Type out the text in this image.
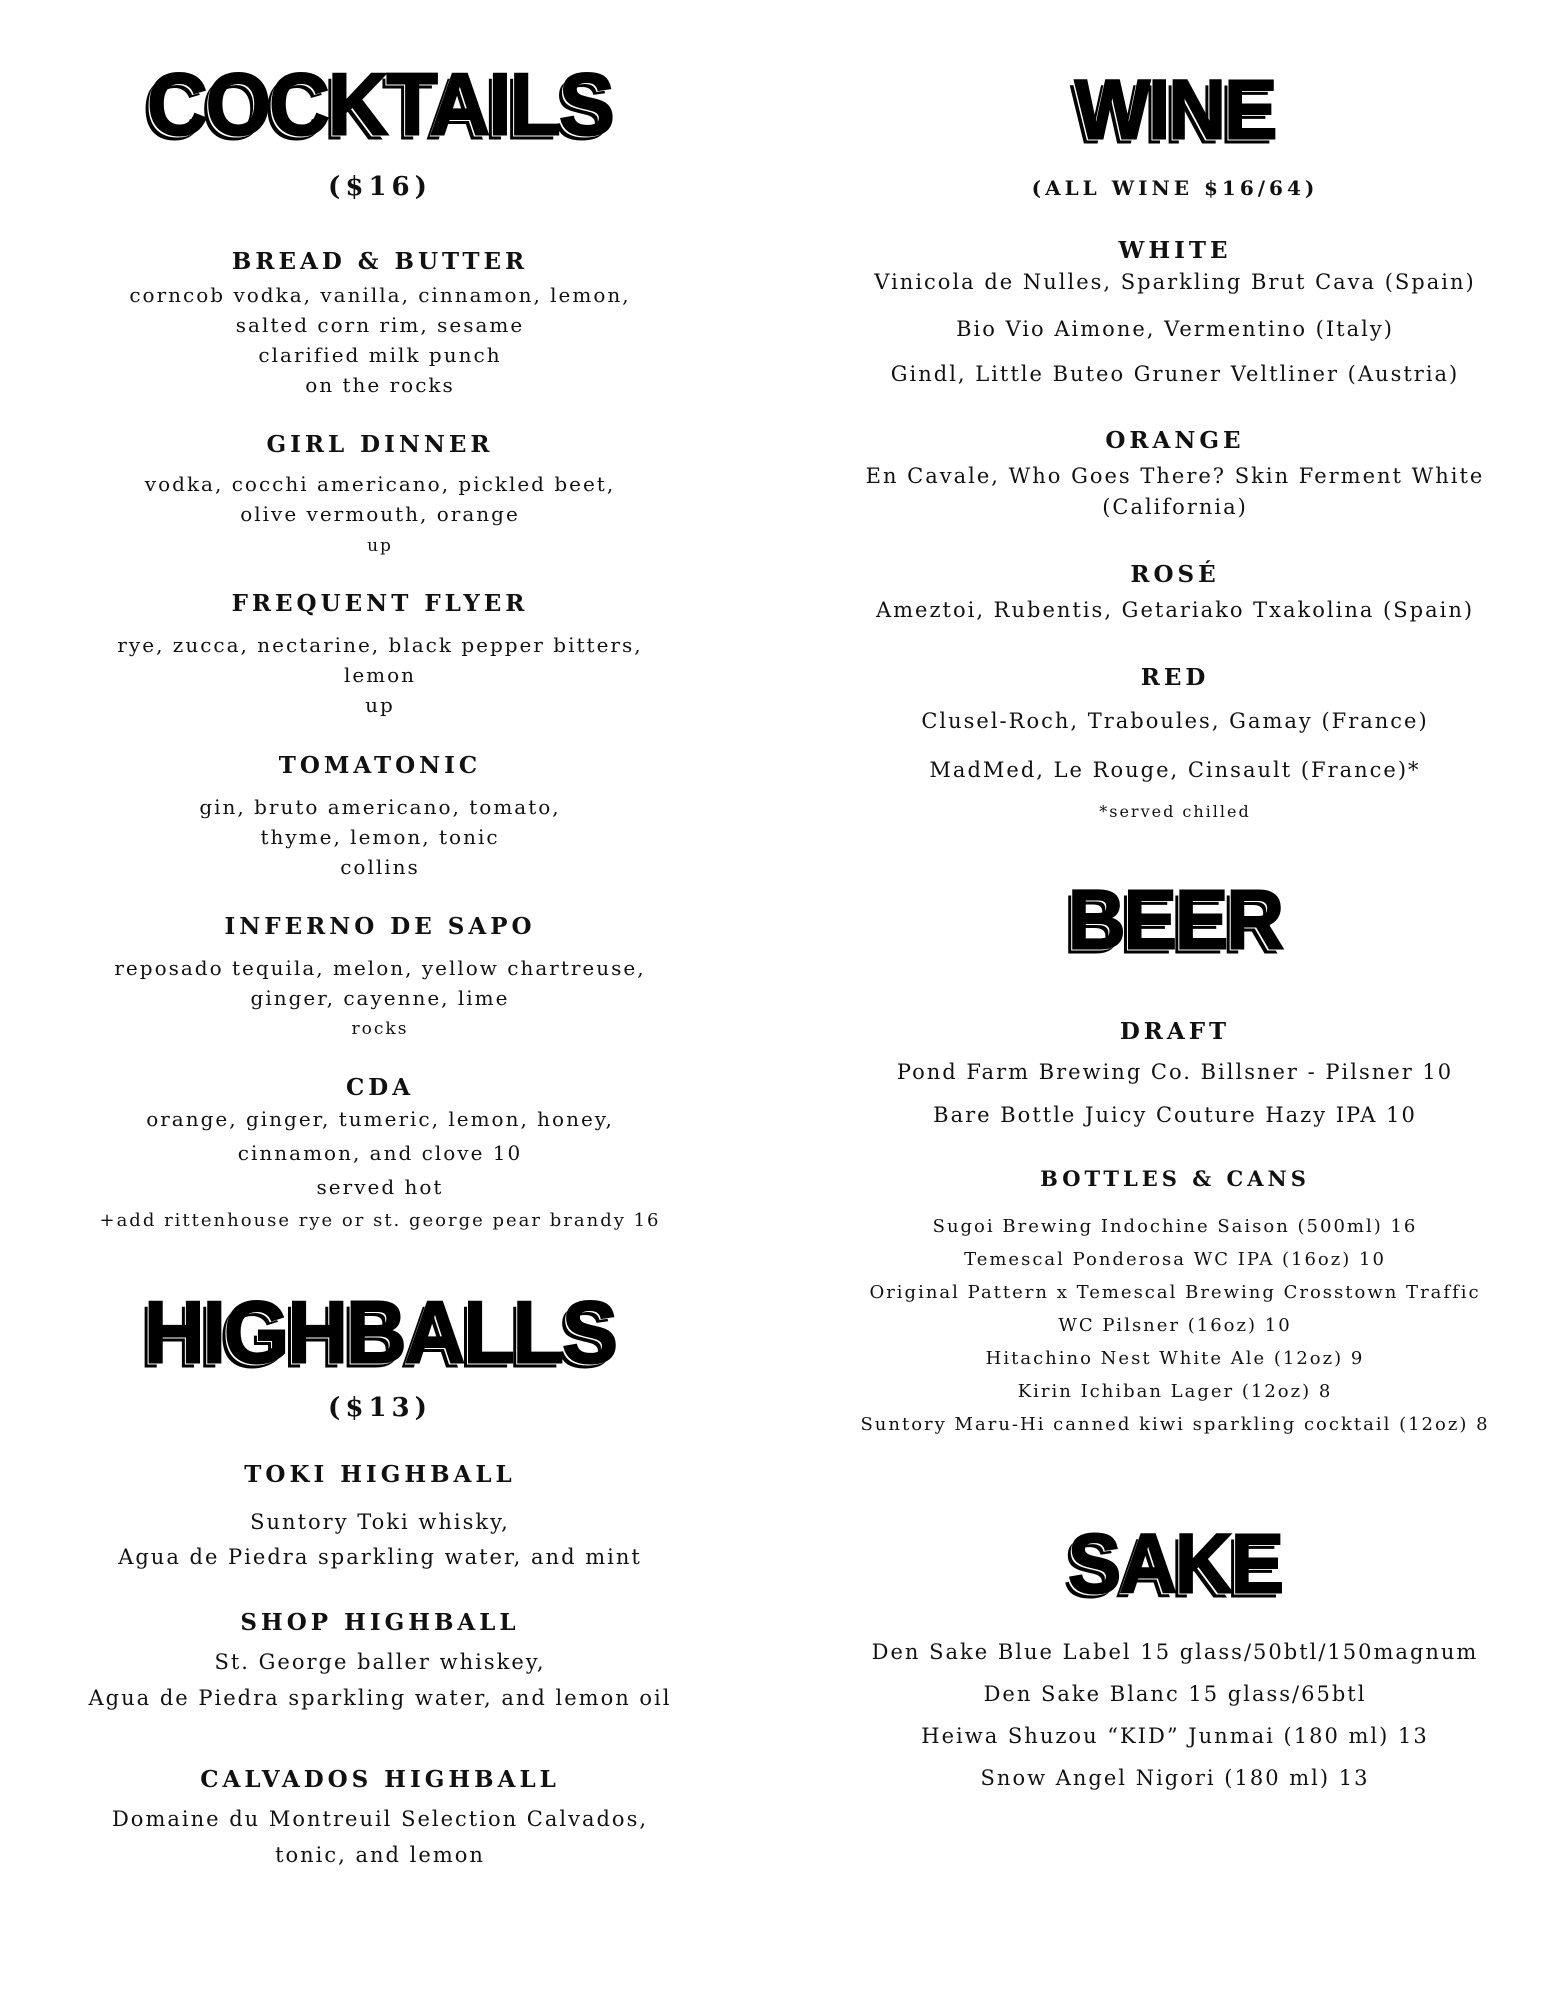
COCKTAILS
($16)
BREAD & BUTTER
corncob vodka, vanilla, cinnamon, lemon,
salted corn rim, sesame
clarified milk punch
on the rocks
GIRL DINNER
vodka, cocchi americano, pickled beet,
olive vermouth, orange
up
FREQUENT FLYER
rye, zucca, nectarine, black pepper bitters,
lemon
up
TOMATONIC
gin, bruto americano, tomato,
thyme, lemon, tonic
collins
INFERNO DE SAPO
reposado tequila, melon, yellow chartreuse,
ginger, cayenne, lime
rocks
CDA
orange, ginger, tumeric, lemon, honey,
cinnamon, and clove 10
served hot
+add rittenhouse rye or st. george pear brandy 16
HIGHBALLS
($13)
TOKI HIGHBALL
Suntory Toki whisky,
Agua de Piedra sparkling water, and mint
SHOP HIGHBALL
St. George baller whiskey,
Agua de Piedra sparkling water, and lemon oil
CALVADOS HIGHBALL
Domaine du Montreuil Selection Calvados,
tonic, and lemon
WINE
(ALL WINE $16/64)
WHITE
Vinicola de Nulles, Sparkling Brut Cava (Spain)
Bio Vio Aimone, Vermentino (Italy)
Gindl, Little Buteo Gruner Veltliner (Austria)
ORANGE
En Cavale, Who Goes There? Skin Ferment White
(California)
ROSÉ
Ameztoi, Rubentis, Getariako Txakolina (Spain)
RED
Clusel-Roch, Traboules, Gamay (France)
MadMed, Le Rouge, Cinsault (France)*
*served chilled
BEER
DRAFT
Pond Farm Brewing Co. Billsner - Pilsner 10
Bare Bottle Juicy Couture Hazy IPA 10
BOTTLES & CANS
Sugoi Brewing Indochine Saison (500ml) 16
Temescal Ponderosa WC IPA (16oz) 10
Original Pattern x Temescal Brewing Crosstown Traffic
WC Pilsner (16oz) 10
Hitachino Nest White Ale (12oz) 9
Kirin Ichiban Lager (12oz) 8
Suntory Maru-Hi canned kiwi sparkling cocktail (12oz) 8
SAKE
Den Sake Blue Label 15 glass/50btl/150magnum
Den Sake Blanc 15 glass/65btl
Heiwa Shuzou “KID” Junmai (180 ml) 13
Snow Angel Nigori (180 ml) 13
